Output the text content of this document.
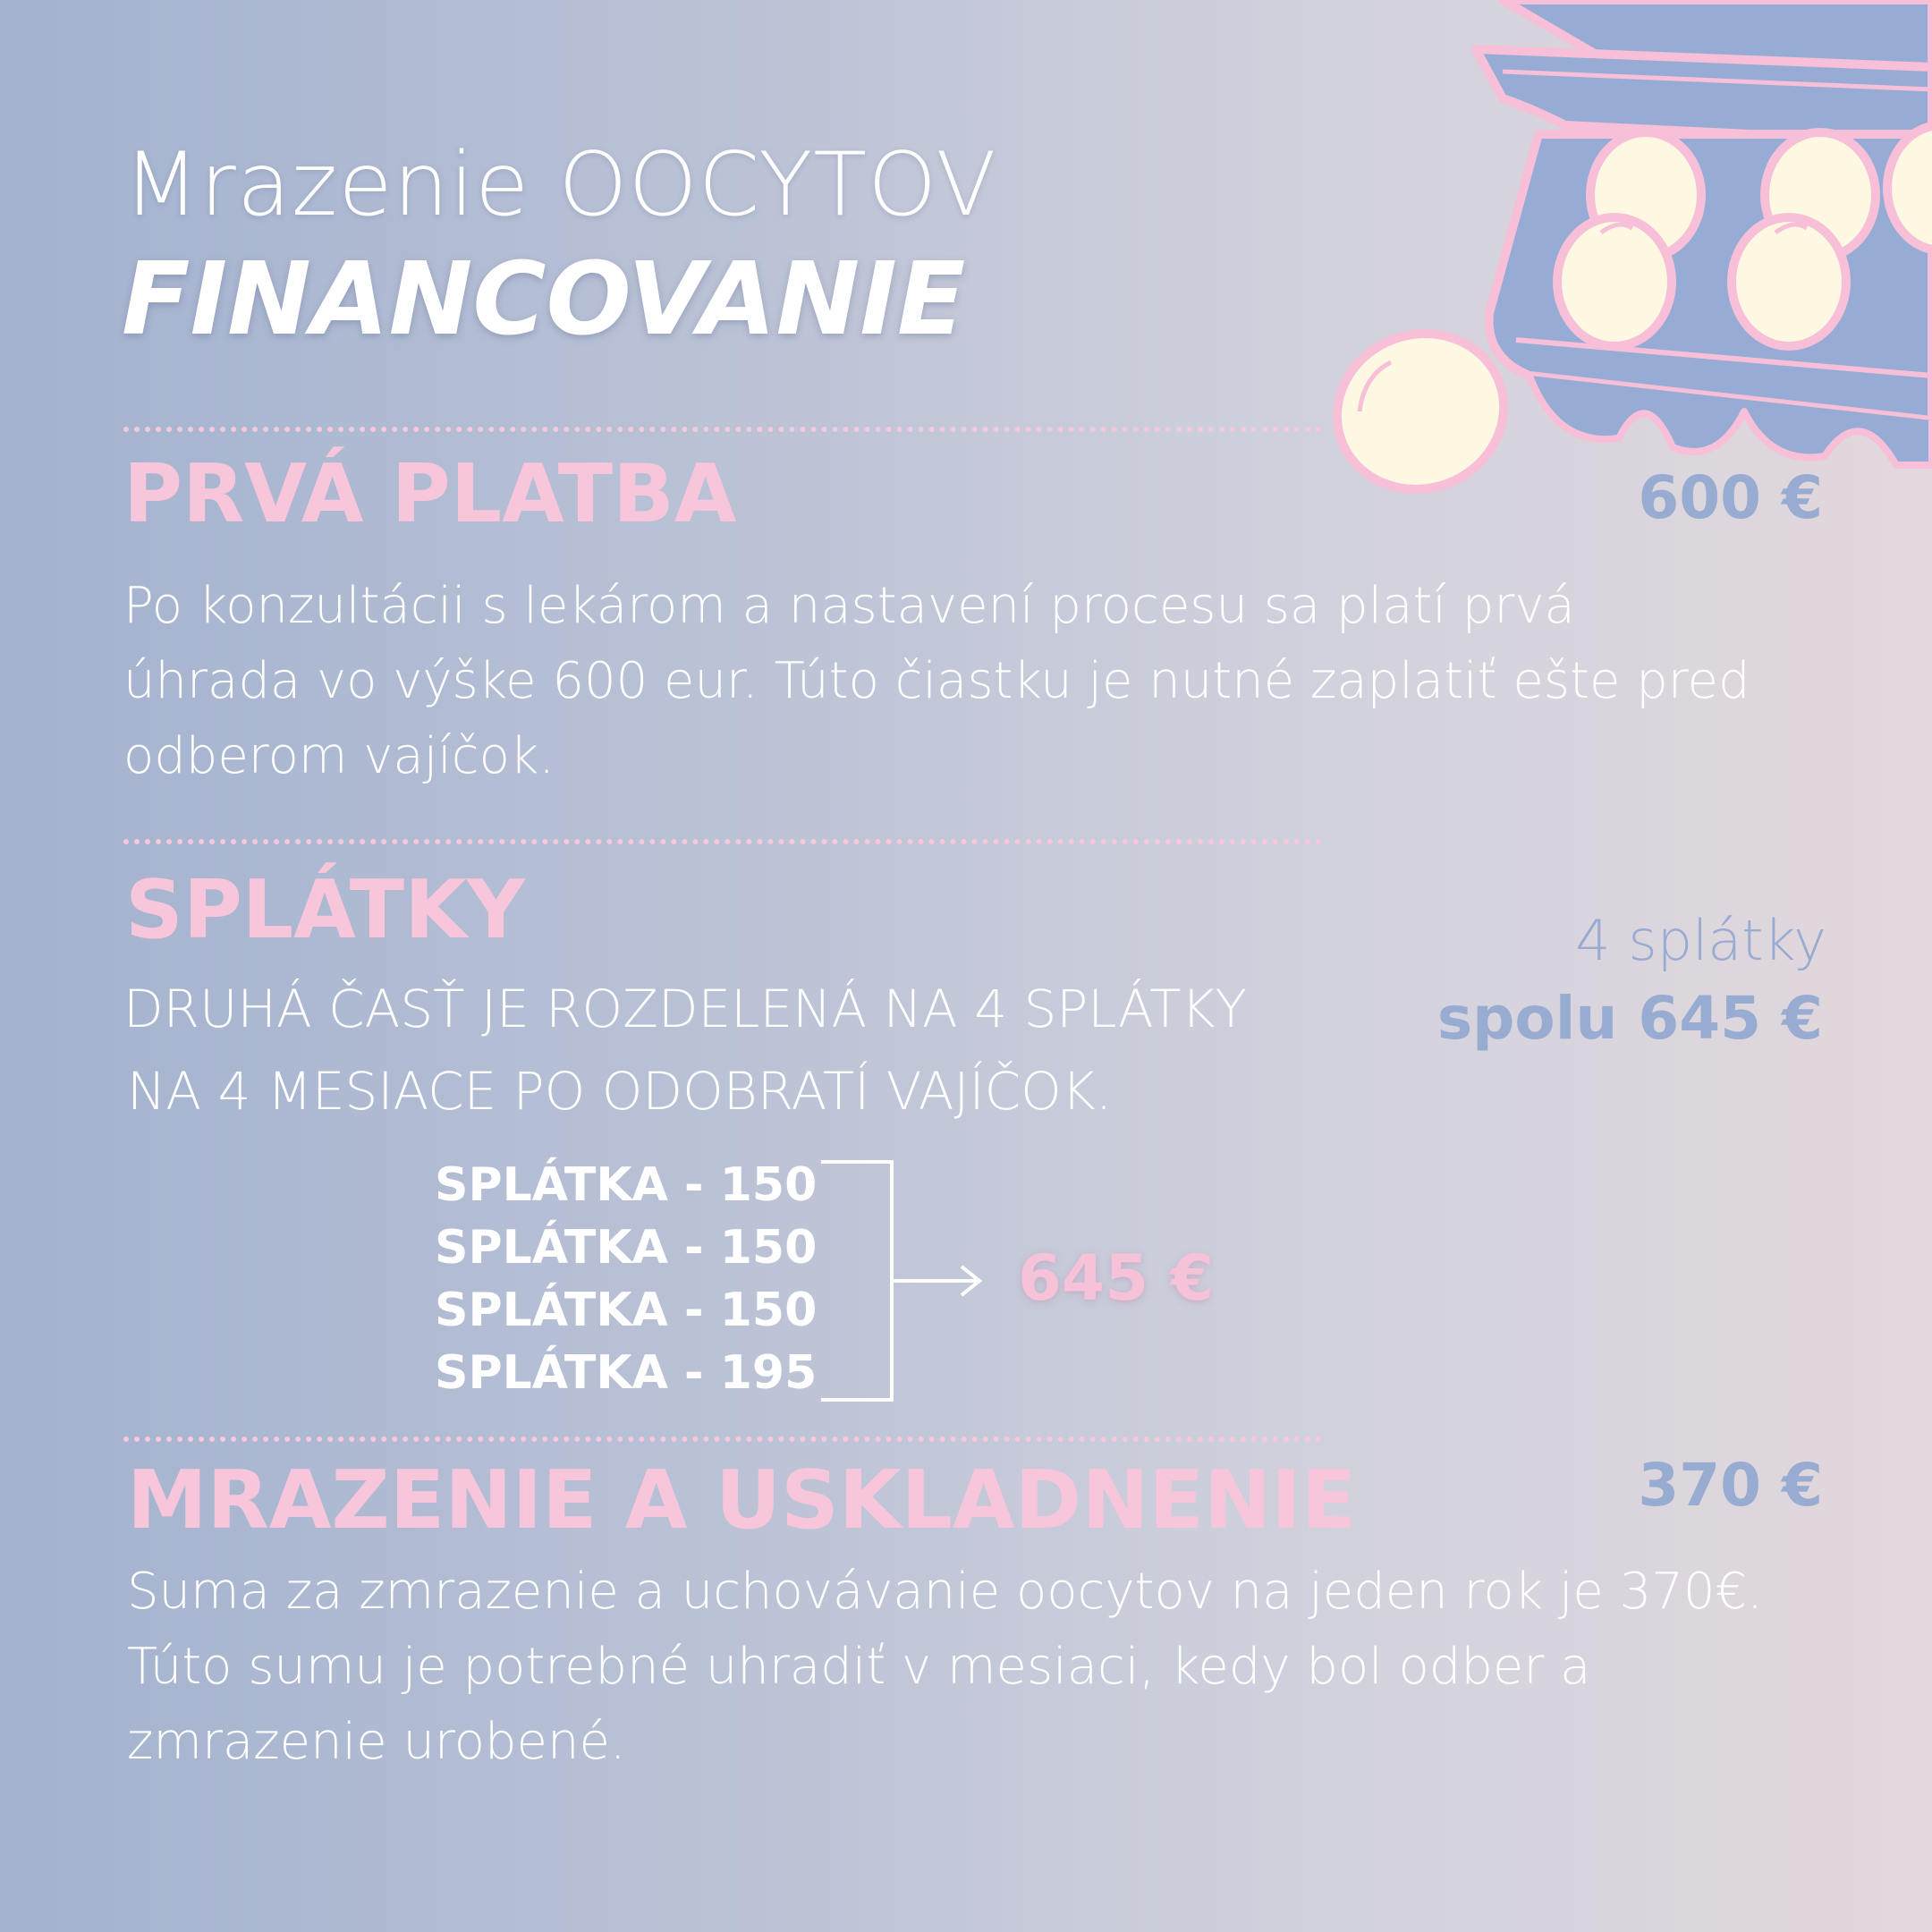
Mrazenie OOCYTOV
FINANCOVANIE
PRVÁ PLATBA	600 €

Po konzultácii s lekárom a nastavení procesu sa platí prvá

úhrada vo výške 600 eur. Túto čiastku je nutné zaplatiť ešte pred

odberom vajíčok.

SPLÁTKY	4 splátky
spolu 645 €

DRUHÁ ČASŤ JE ROZDELENÁ NA 4 SPLÁTKY

NA 4 MESIACE PO ODOBRATÍ VAJÍČOK.

SPLÁTKA - 150
SPLÁTKA - 150
SPLÁTKA - 150
SPLÁTKA - 195
645 €
MRAZENIE A USKLADNENIE	370 €

Suma za zmrazenie a uchovávanie oocytov na jeden rok je 370€.

Túto sumu je potrebné uhradiť v mesiaci, kedy bol odber a

zmrazenie urobené.
